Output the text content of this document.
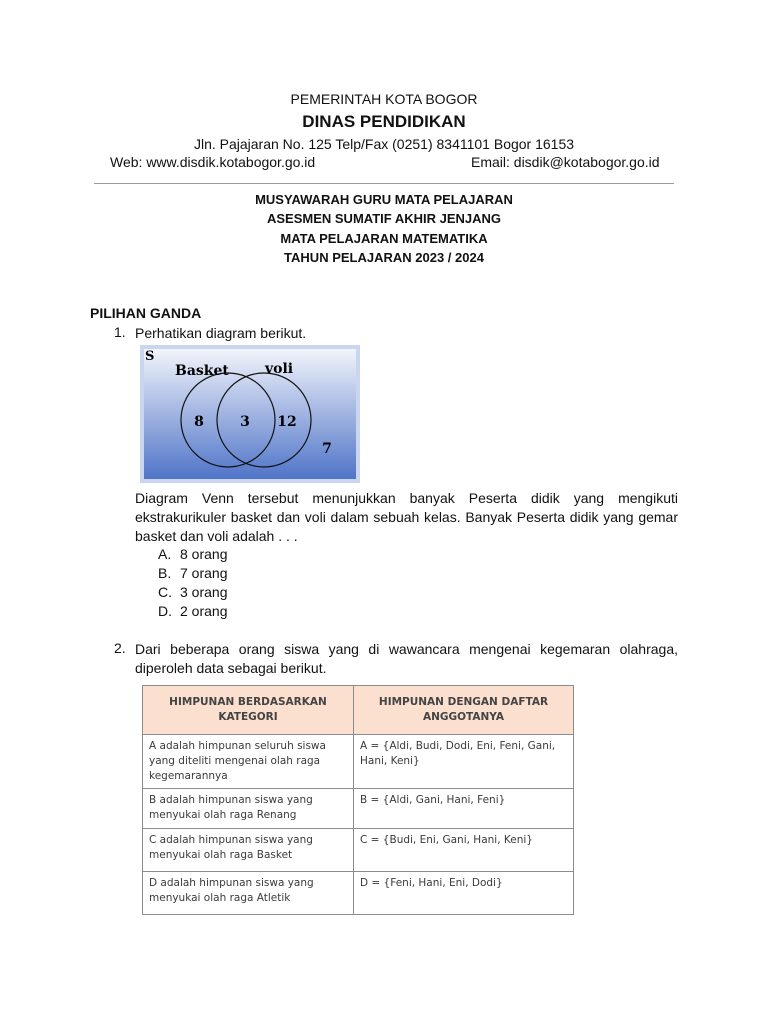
PEMERINTAH KOTA BOGOR
DINAS PENDIDIKAN
Jln. Pajajaran No. 125 Telp/Fax (0251) 8341101 Bogor 16153
Web: www.disdik.kotabogor.go.id	Email: disdik@kotabogor.go.id
MUSYAWARAH GURU MATA PELAJARAN
ASESMEN SUMATIF AKHIR JENJANG
MATA PELAJARAN MATEMATIKA
TAHUN PELAJARAN 2023 / 2024
PILIHAN GANDA
1. Perhatikan diagram berikut.
S
Basket	voli
8	3 12
7
Diagram Venn tersebut menunjukkan banyak Peserta didik yang mengikuti ekstrakurikuler basket dan voli dalam sebuah kelas. Banyak Peserta didik yang gemar basket dan voli adalah . . .
A. 8 orang
B. 7 orang
C. 3 orang
D. 2 orang
2. Dari beberapa orang siswa yang di wawancara mengenai kegemaran olahraga, diperoleh data sebagai berikut.
HIMPUNAN BERDASARKAN KATEGORI	HIMPUNAN DENGAN DAFTAR ANGGOTANYA
A adalah himpunan seluruh siswa yang diteliti mengenai olah raga kegemarannya	A = {Aldi, Budi, Dodi, Eni, Feni, Gani, Hani, Keni}
B adalah himpunan siswa yang menyukai olah raga Renang	B = {Aldi, Gani, Hani, Feni}
C adalah himpunan siswa yang menyukai olah raga Basket	C = {Budi, Eni, Gani, Hani, Keni}
D adalah himpunan siswa yang menyukai olah raga Atletik	D = {Feni, Hani, Eni, Dodi}
